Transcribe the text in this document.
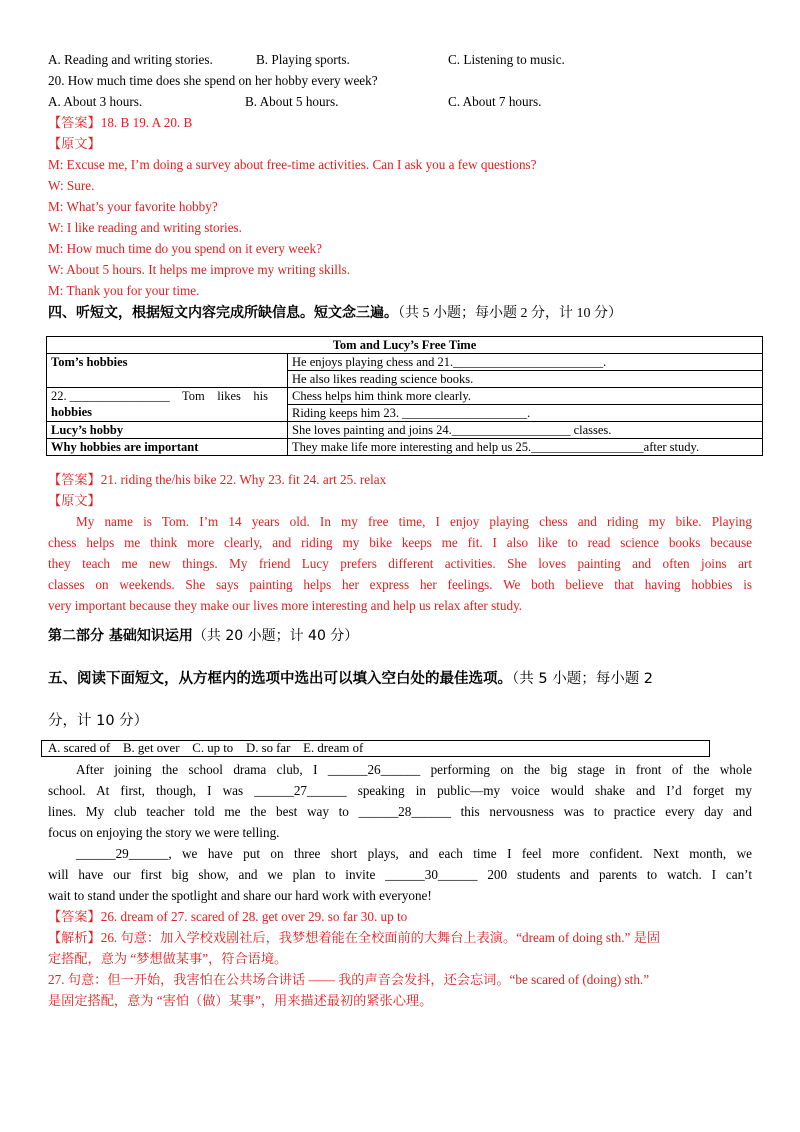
A. Reading and writing stories.	B. Playing sports.	C. Listening to music.
20. How much time does she spend on her hobby every week?
A. About 3 hours.	B. About 5 hours.	C. About 7 hours.
【答案】18. B 19. A 20. B
【原文】
M: Excuse me, I’m doing a survey about free-time activities. Can I ask you a few questions?
W: Sure.
M: What’s your favorite hobby?
W: I like reading and writing stories.
M: How much time do you spend on it every week?
W: About 5 hours. It helps me improve my writing skills.
M: Thank you for your time.
四、听短文，根据短文内容完成所缺信息。短文念三遍。（共 5 小题；每小题 2 分，计 10 分）
Tom and Lucy’s Free Time	
Tom’s hobbies	He enjoys playing chess and 21.________________________.
	He also likes reading science books.

22. ________________    Tom    likes    his
hobbies	Chess helps him think more clearly.
	Riding keeps him 23. ____________________.
Lucy’s hobby	She loves painting and joins 24.___________________ classes.
Why hobbies are important	They make life more interesting and help us 25.__________________after study.
【答案】21. riding the/his bike 22. Why 23. fit 24. art 25. relax
【原文】
My name is Tom. I’m 14 years old. In my free time, I enjoy playing chess and riding my bike. Playing
chess helps me think more clearly, and riding my bike keeps me fit. I also like to read science books because
they teach me new things. My friend Lucy prefers different activities. She loves painting and often joins art
classes on weekends. She says painting helps her express her feelings. We both believe that having hobbies is
very important because they make our lives more interesting and help us relax after study.
第二部分 基础知识运用（共 20 小题；计 40 分）
五、阅读下面短文，从方框内的选项中选出可以填入空白处的最佳选项。（共 5 小题；每小题 2
分，计 10 分）
A. scared of    B. get over    C. up to    D. so far    E. dream of
After joining the school drama club, I ______26______ performing on the big stage in front of the whole
school. At first, though, I was ______27______ speaking in public—my voice would shake and I’d forget my
lines. My club teacher told me the best way to ______28______ this nervousness was to practice every day and
focus on enjoying the story we were telling.
______29______, we have put on three short plays, and each time I feel more confident. Next month, we
will have our first big show, and we plan to invite ______30______ 200 students and parents to watch. I can’t
wait to stand under the spotlight and share our hard work with everyone!
【答案】26. dream of 27. scared of 28. get over 29. so far 30. up to
【解析】26. 句意：加入学校戏剧社后，我梦想着能在全校面前的大舞台上表演。“dream of doing sth.” 是固
定搭配，意为 “梦想做某事”，符合语境。
27. 句意：但一开始，我害怕在公共场合讲话 —— 我的声音会发抖，还会忘词。“be scared of (doing) sth.”
是固定搭配，意为 “害怕（做）某事”，用来描述最初的紧张心理。
